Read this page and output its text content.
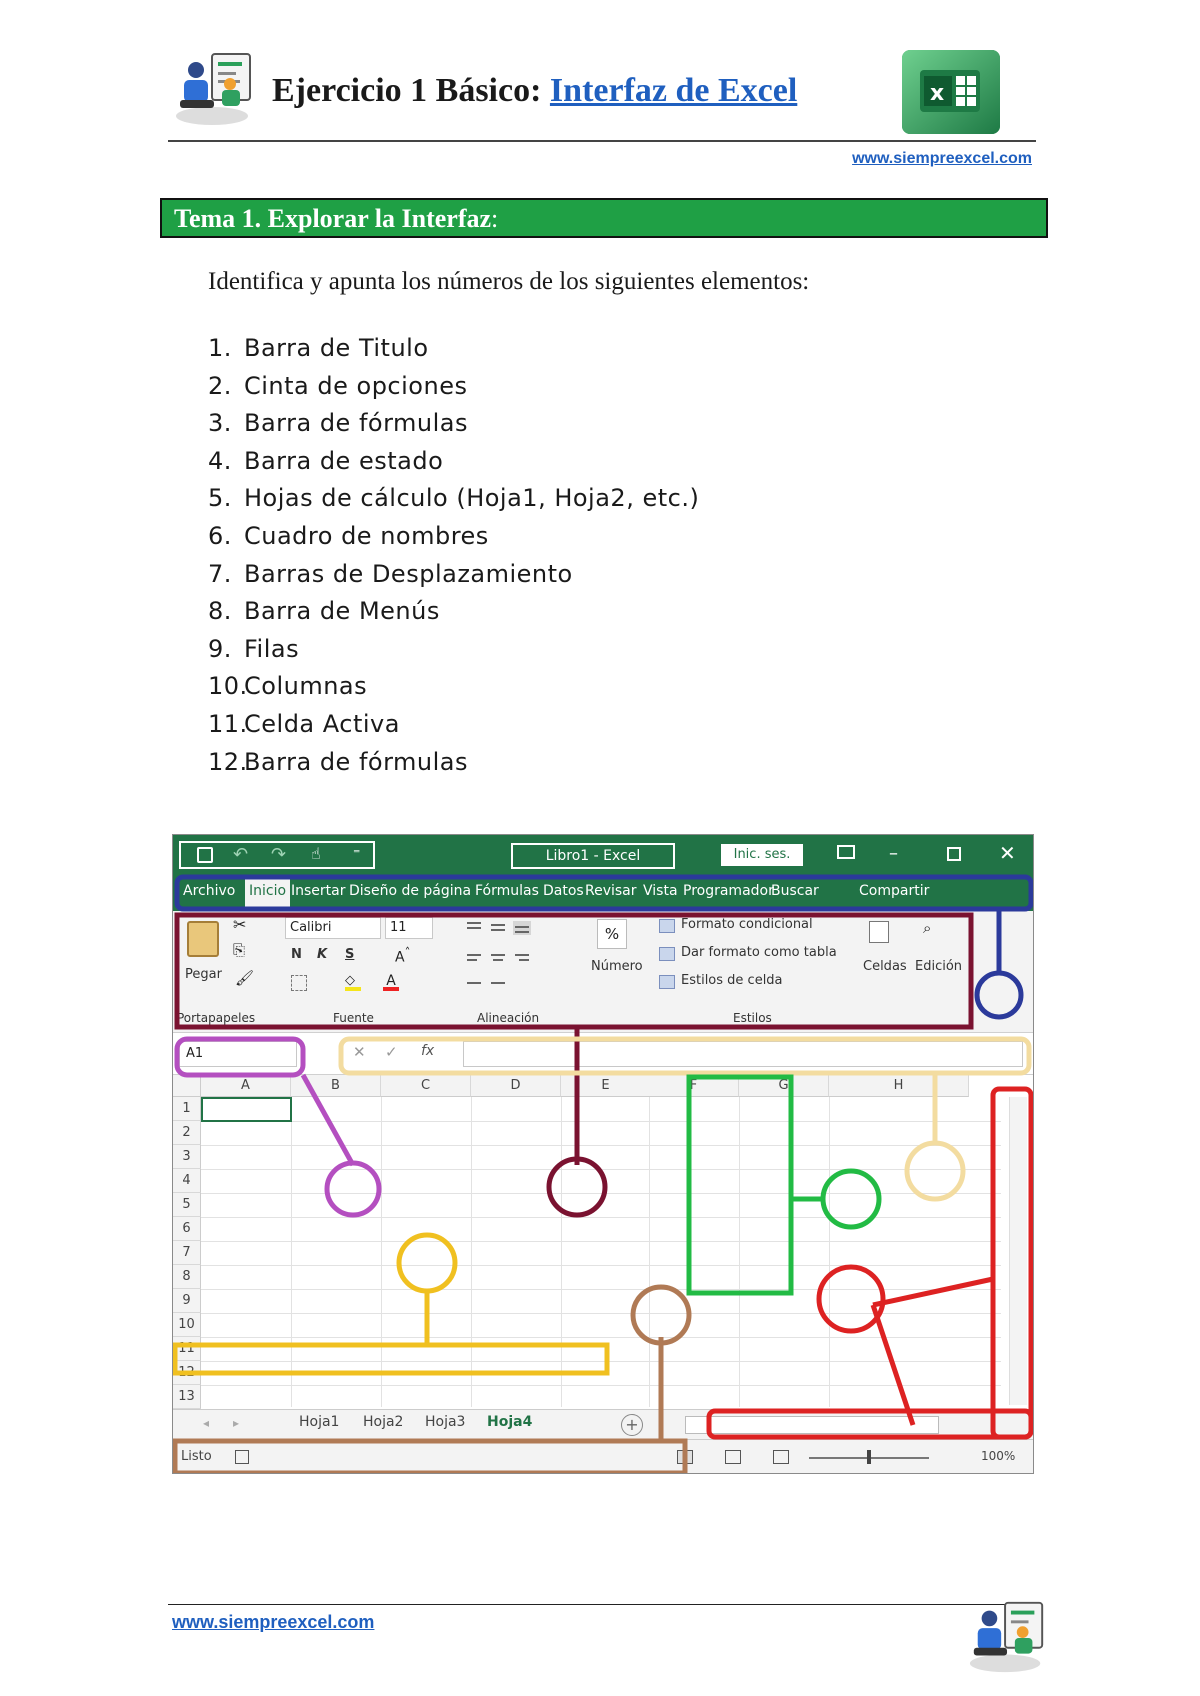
Ejercicio 1 Básico: Interfaz de Excel	x
www.siempreexcel.com
Tema 1. Explorar la Interfaz:
Identifica y apunta los números de los siguientes elementos:
1. Barra de Titulo
2. Cinta de opciones
3. Barra de fórmulas
4. Barra de estado
5. Hojas de cálculo (Hoja1, Hoja2, etc.)
6. Cuadro de nombres
7. Barras de Desplazamiento
8. Barra de Menús
9. Filas
10.Columnas
11.Celda Activa
12.Barra de fórmulas
↶ ↷ ☝ ⁼	Libro1 - Excel	Inic. ses.	–	✕
Archivo Inicio Insertar Diseño de página Fórmulas Datos Revisar Vista Programador
Buscar	Compartir
Pegar
✂
⎘
🖌
Calibri	11
N K S	A˄
◇	A
%
Número
Formato condicional
Dar formato como tabla
Estilos de celda
Celdas
⌕
Edición
Portapapeles	Fuente	Alineación	Estilos
A1	✕ ✓ fx
A	B	C	D	E	F	G	H
1
2
3
4
5
6
7
8
9
10
11
12
13
◂ ▸	+
Hoja1 Hoja2 Hoja3 Hoja4
Listo	100%
www.siempreexcel.com
